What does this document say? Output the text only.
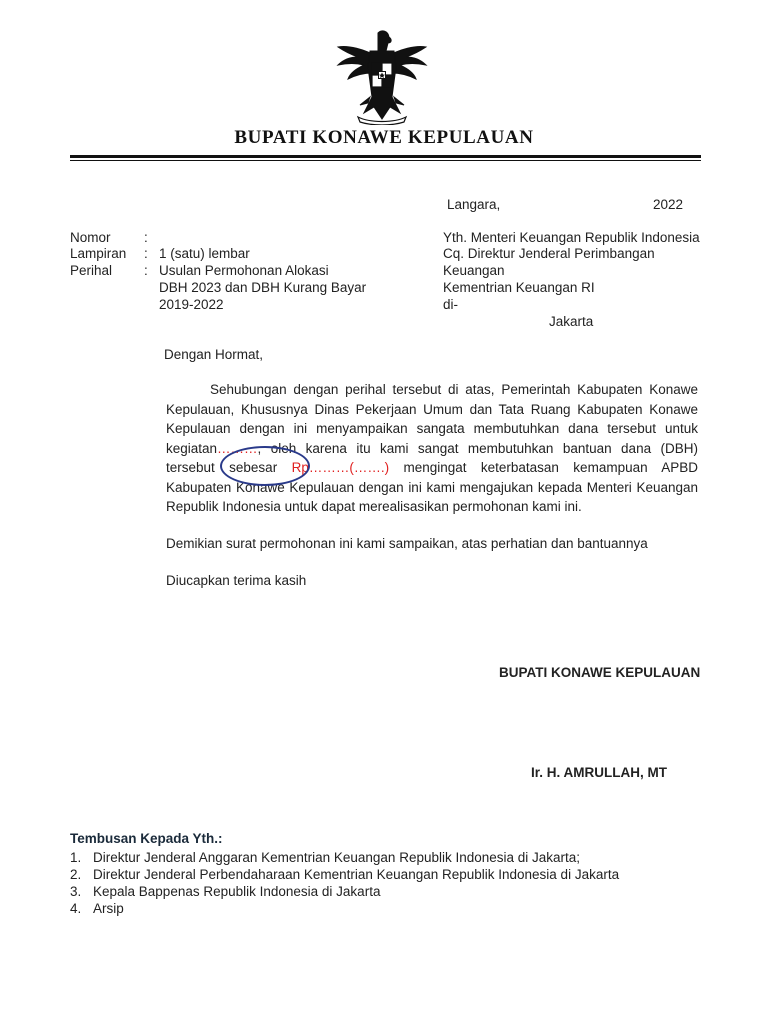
BUPATI KONAWE KEPULAUAN
Langara,	2022
Nomor :
Lampiran : 1 (satu) lembar
Perihal : Usulan Permohonan Alokasi
DBH 2023 dan DBH Kurang Bayar
2019-2022
Yth. Menteri Keuangan Republik Indonesia
Cq. Direktur Jenderal Perimbangan
Keuangan
Kementrian Keuangan RI
di-
Jakarta
Dengan Hormat,
Sehubungan dengan perihal tersebut di atas, Pemerintah Kabupaten Konawe Kepulauan, Khususnya Dinas Pekerjaan Umum dan Tata Ruang Kabupaten Konawe Kepulauan dengan ini menyampaikan sangata membutuhkan dana tersebut untuk kegiatan………, oleh karena itu kami sangat membutuhkan bantuan dana (DBH) tersebut sebesar Rp………(…….) mengingat keterbatasan kemampuan APBD Kabupaten Konawe Kepulauan dengan ini kami mengajukan kepada Menteri Keuangan Republik Indonesia untuk dapat merealisasikan permohonan kami ini.
Demikian surat permohonan ini kami sampaikan, atas perhatian dan bantuannya
Diucapkan terima kasih
BUPATI KONAWE KEPULAUAN
Ir. H. AMRULLAH, MT
Tembusan Kepada Yth.:
1. Direktur Jenderal Anggaran Kementrian Keuangan Republik Indonesia di Jakarta;
2. Direktur Jenderal Perbendaharaan Kementrian Keuangan Republik Indonesia di Jakarta
3. Kepala Bappenas Republik Indonesia di Jakarta
4. Arsip
